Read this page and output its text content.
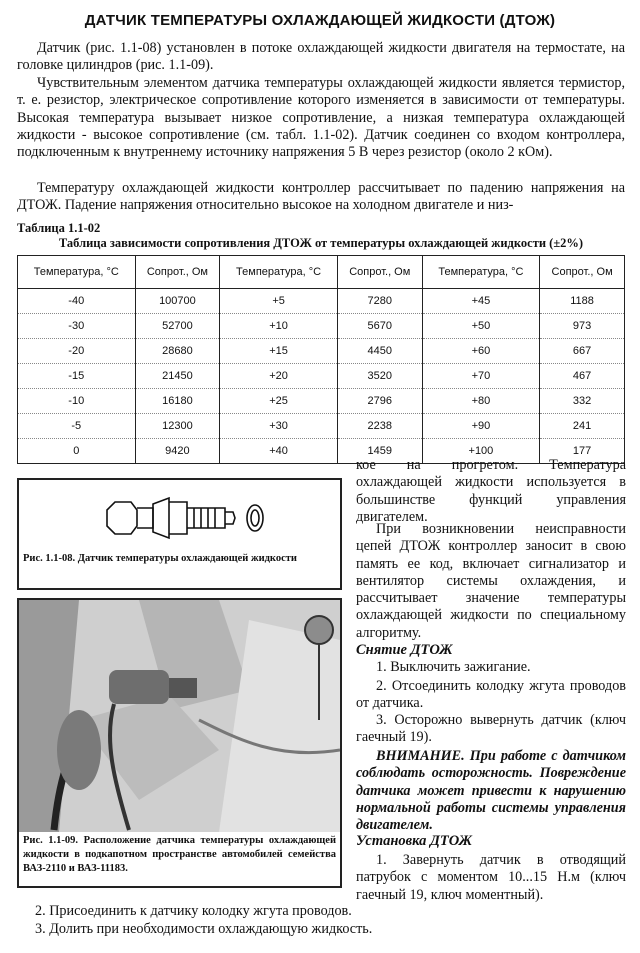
ДАТЧИК ТЕМПЕРАТУРЫ ОХЛАЖДАЮЩЕЙ ЖИДКОСТИ (ДТОЖ)

Датчик (рис. 1.1-08) установлен в потоке охлаждающей жидкости двигателя на термостате, на головке цилиндров (рис. 1.1-09).

Чувствительным элементом датчика температуры охлаждающей жидкости является термистор, т. е. резистор, электрическое сопротивление которого изменяется в зависимости от температуры. Высокая температура вызывает низкое сопротивление, а низкая температура охлаждающей жидкости - высокое сопротивление (см. табл. 1.1-02). Датчик соединен со входом контроллера, подключенным к внутреннему источнику напряжения 5 В через резистор (около 2 кОм).

Температуру охлаждающей жидкости контроллер рассчитывает по падению напряжения на ДТОЖ. Падение напряжения относительно высокое на холодном двигателе и низ-

Таблица 1.1-02
Таблица зависимости сопротивления ДТОЖ от температуры охлаждающей жидкости (±2%)
Температура, °С	Сопрот., Ом	Температура, °С	Сопрот., Ом	Температура, °С	Сопрот., Ом
-40	100700	+5	7280	+45	1188
-30	52700	+10	5670	+50	973
-20	28680	+15	4450	+60	667
-15	21450	+20	3520	+70	467
-10	16180	+25	2796	+80	332
-5	12300	+30	2238	+90	241
0	9420	+40	1459	+100	177
Рис. 1.1-08. Датчик температуры охлаждающей жидкости
Рис. 1.1-09. Расположение датчика температуры охлаждающей жидкости в подкапотном пространстве автомобилей семейства ВАЗ-2110 и ВАЗ-11183.

кое на прогретом. Температура охлаждающей жидкости используется в большинстве функций управления двигателем.

При возникновении неисправности цепей ДТОЖ контроллер заносит в свою память ее код, включает сигнализатор и вентилятор системы охлаждения, и рассчитывает значение температуры охлаждающей жидкости по специальному алгоритму.

Снятие ДТОЖ

1. Выключить зажигание.

2. Отсоединить колодку жгута проводов от датчика.

3. Осторожно вывернуть датчик (ключ гаечный 19).

ВНИМАНИЕ. При работе с датчиком соблюдать осторожность. Повреждение датчика может привести к нарушению нормальной работы системы управления двигателем.

Установка ДТОЖ

1. Завернуть датчик в отводящий патрубок с моментом 10...15 Н.м (ключ гаечный 19, ключ моментный).

2. Присоединить к датчику колодку жгута проводов.
3. Долить при необходимости охлаждающую жидкость.
